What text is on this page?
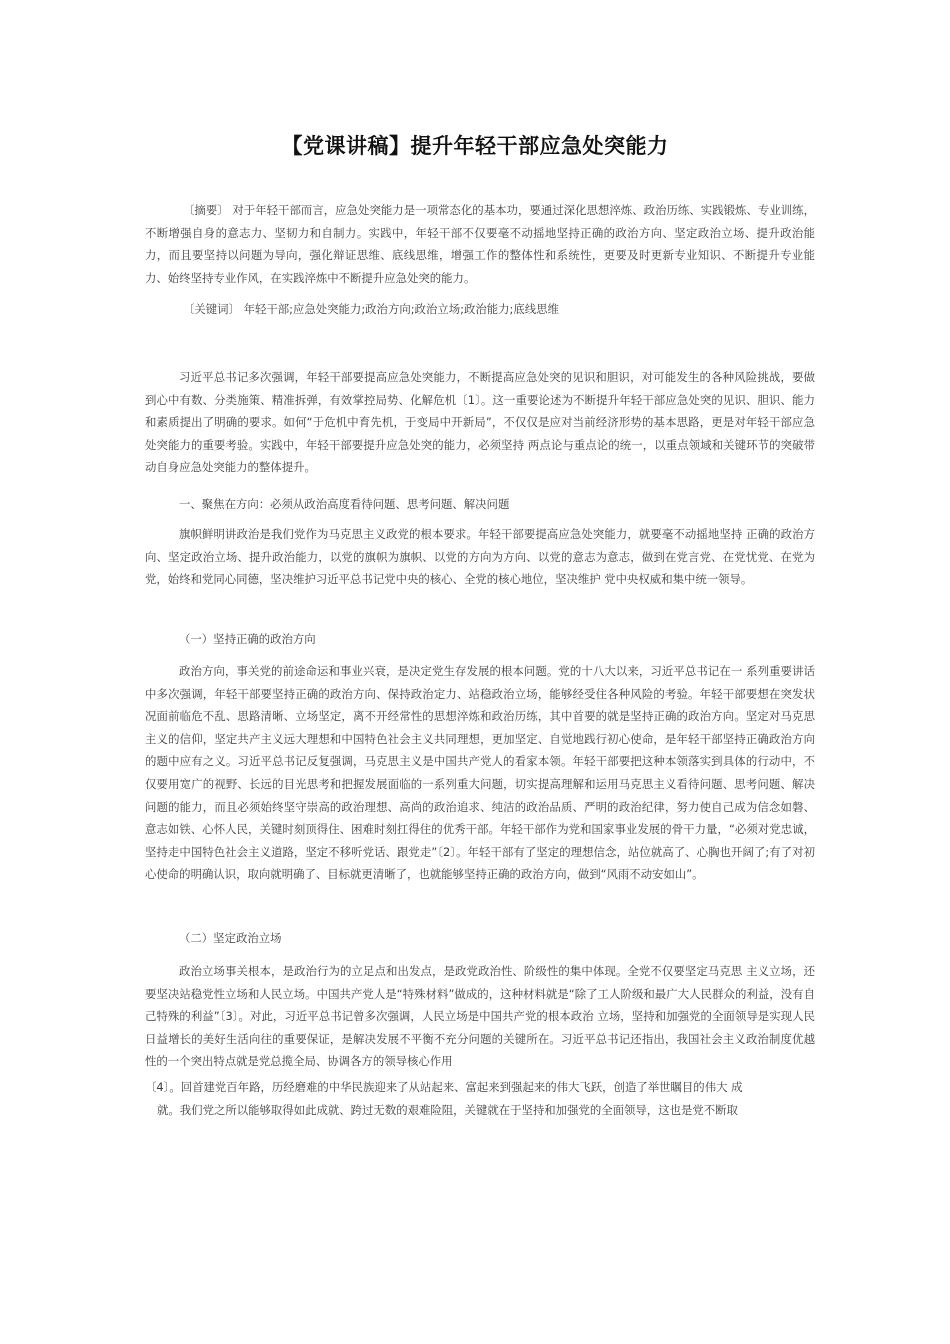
【党课讲稿】提升年轻干部应急处突能力
〔摘要〕 对于年轻干部而言，应急处突能力是一项常态化的基本功，要通过深化思想淬炼、政治历练、实践锻炼、专业训练，不断增强自身的意志力、坚韧力和自制力。实践中，年轻干部不仅要毫不动摇地坚持正确的政治方向、坚定政治立场、提升政治能力，而且要坚持以问题为导向，强化辩证思维、底线思维，增强工作的整体性和系统性，更要及时更新专业知识、不断提升专业能力、始终坚持专业作风，在实践淬炼中不断提升应急处突的能力。
〔关键词〕 年轻干部;应急处突能力;政治方向;政治立场;政治能力;底线思维
习近平总书记多次强调，年轻干部要提高应急处突能力，不断提高应急处突的见识和胆识，对可能发生的各种风险挑战，要做到心中有数、分类施策、精准拆弹，有效掌控局势、化解危机〔1〕。这一重要论述为不断提升年轻干部应急处突的见识、胆识、能力和素质提出了明确的要求。如何“于危机中育先机，于变局中开新局”，不仅仅是应对当前经济形势的基本思路，更是对年轻干部应急处突能力的重要考验。实践中，年轻干部要提升应急处突的能力，必须坚持 两点论与重点论的统一，以重点领域和关键环节的突破带动自身应急处突能力的整体提升。
一、聚焦在方向：必须从政治高度看待问题、思考问题、解决问题
旗帜鲜明讲政治是我们党作为马克思主义政党的根本要求。年轻干部要提高应急处突能力，就要毫不动摇地坚持 正确的政治方向、坚定政治立场、提升政治能力，以党的旗帜为旗帜、以党的方向为方向、以党的意志为意志，做到在党言党、在党忧党、在党为党，始终和党同心同德，坚决维护习近平总书记党中央的核心、全党的核心地位，坚决维护 党中央权威和集中统一领导。
（一）坚持正确的政治方向
政治方向，事关党的前途命运和事业兴衰，是决定党生存发展的根本问题。党的十八大以来，习近平总书记在一 系列重要讲话中多次强调，年轻干部要坚持正确的政治方向、保持政治定力、站稳政治立场，能够经受住各种风险的考验。年轻干部要想在突发状况面前临危不乱、思路清晰、立场坚定，离不开经常性的思想淬炼和政治历练，其中首要的就是坚持正确的政治方向。坚定对马克思主义的信仰，坚定共产主义远大理想和中国特色社会主义共同理想，更加坚定、自觉地践行初心使命，是年轻干部坚持正确政治方向的题中应有之义。习近平总书记反复强调，马克思主义是中国共产党人的看家本领。年轻干部要把这种本领落实到具体的行动中，不仅要用宽广的视野、长远的目光思考和把握发展面临的一系列重大问题，切实提高理解和运用马克思主义看待问题、思考问题、解决问题的能力，而且必须始终坚守崇高的政治理想、高尚的政治追求、纯洁的政治品质、严明的政治纪律，努力使自己成为信念如磐、意志如铁、心怀人民，关键时刻顶得住、困难时刻扛得住的优秀干部。年轻干部作为党和国家事业发展的骨干力量，“必须对党忠诚，坚持走中国特色社会主义道路，坚定不移听党话、跟党走”〔2〕。年轻干部有了坚定的理想信念，站位就高了、心胸也开阔了;有了对初心使命的明确认识，取向就明确了、目标就更清晰了，也就能够坚持正确的政治方向，做到“风雨不动安如山”。
（二）坚定政治立场
政治立场事关根本，是政治行为的立足点和出发点，是政党政治性、阶级性的集中体现。全党不仅要坚定马克思 主义立场，还要坚决站稳党性立场和人民立场。中国共产党人是“特殊材料”做成的，这种材料就是“除了工人阶级和最广大人民群众的利益，没有自己特殊的利益”〔3〕。对此，习近平总书记曾多次强调，人民立场是中国共产党的根本政治 立场，坚持和加强党的全面领导是实现人民日益增长的美好生活向往的重要保证，是解决发展不平衡不充分问题的关键所在。习近平总书记还指出，我国社会主义政治制度优越性的一个突出特点就是党总揽全局、协调各方的领导核心作用
〔4〕。回首建党百年路，历经磨难的中华民族迎来了从站起来、富起来到强起来的伟大飞跃，创造了举世瞩目的伟大 成
就。我们党之所以能够取得如此成就、跨过无数的艰难险阻，关键就在于坚持和加强党的全面领导，这也是党不断取
